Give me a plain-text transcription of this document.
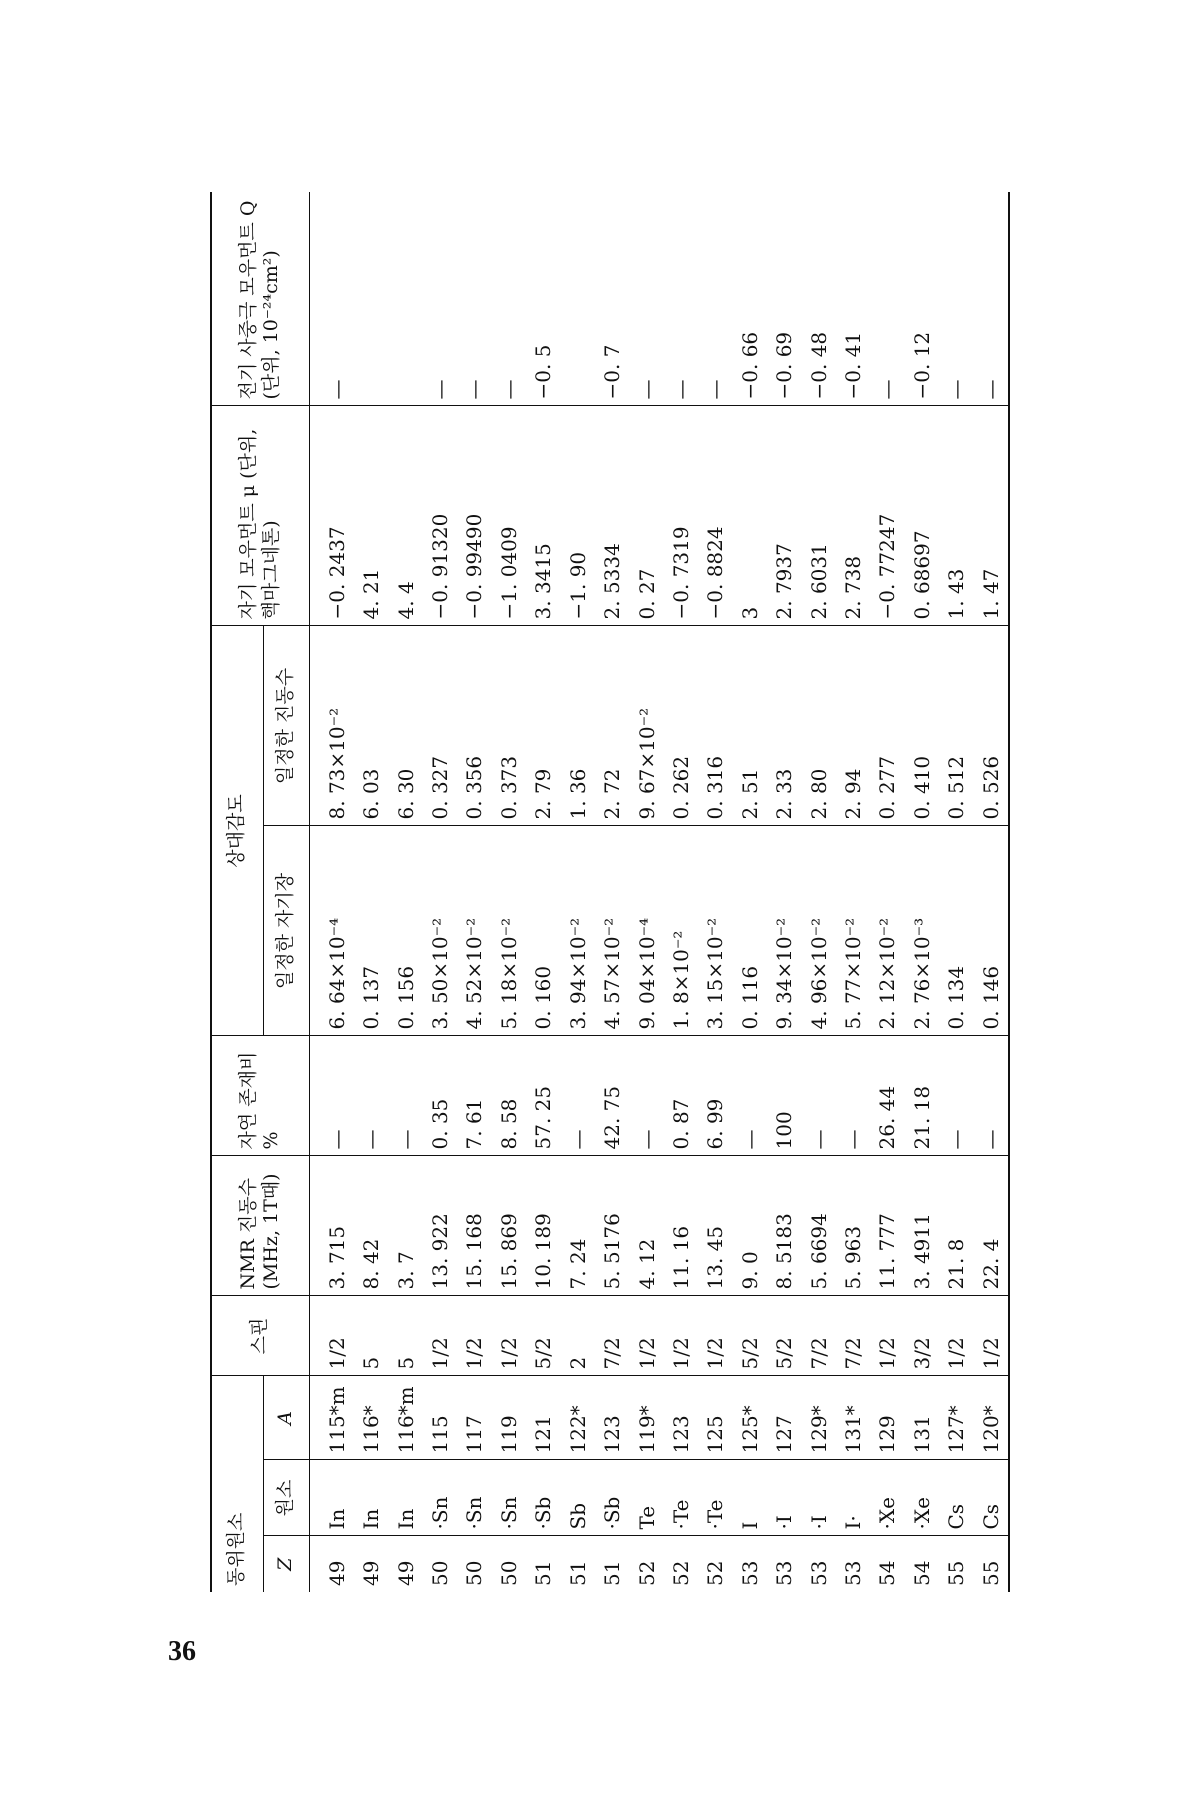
36
동위원소			스핀	NMR 진동수 (MHz, 1T때)	자연 존재비 %	상대감도		자기 모우먼트 μ (단위, 핵마그네톤)	전기 사중극 모우먼트 Q (단위, 10⁻²⁴cm²)
Z	원소	A				일정한 자기장	일정한 진동수		
49	In	115*m	1/2	3. 715	—	6. 64×10⁻⁴	8. 73×10⁻²	−0. 2437	—
49	In	116*	5	8. 42	—	0. 137	6. 03	4. 21	
49	In	116*m	5	3. 7	—	0. 156	6. 30	4. 4	
50	·Sn	115	1/2	13. 922	0. 35	3. 50×10⁻²	0. 327	−0. 91320	—
50	·Sn	117	1/2	15. 168	7. 61	4. 52×10⁻²	0. 356	−0. 99490	—
50	·Sn	119	1/2	15. 869	8. 58	5. 18×10⁻²	0. 373	−1. 0409	—
51	·Sb	121	5/2	10. 189	57. 25	0. 160	2. 79	3. 3415	−0. 5
51	Sb	122*	2	7. 24	—	3. 94×10⁻²	1. 36	−1. 90	
51	·Sb	123	7/2	5. 5176	42. 75	4. 57×10⁻²	2. 72	2. 5334	−0. 7
52	Te	119*	1/2	4. 12	—	9. 04×10⁻⁴	9. 67×10⁻²	0. 27	—
52	·Te	123	1/2	11. 16	0. 87	1. 8×10⁻²	0. 262	−0. 7319	—
52	·Te	125	1/2	13. 45	6. 99	3. 15×10⁻²	0. 316	−0. 8824	—
53	I	125*	5/2	9. 0	—	0. 116	2. 51	3	−0. 66
53	·I	127	5/2	8. 5183	100	9. 34×10⁻²	2. 33	2. 7937	−0. 69
53	·I	129*	7/2	5. 6694	—	4. 96×10⁻²	2. 80	2. 6031	−0. 48
53	I·	131*	7/2	5. 963	—	5. 77×10⁻²	2. 94	2. 738	−0. 41
54	·Xe	129	1/2	11. 777	26. 44	2. 12×10⁻²	0. 277	−0. 77247	—
54	·Xe	131	3/2	3. 4911	21. 18	2. 76×10⁻³	0. 410	0. 68697	−0. 12
55	Cs	127*	1/2	21. 8	—	0. 134	0. 512	1. 43	—
55	Cs	120*	1/2	22. 4	—	0. 146	0. 526	1. 47	—
